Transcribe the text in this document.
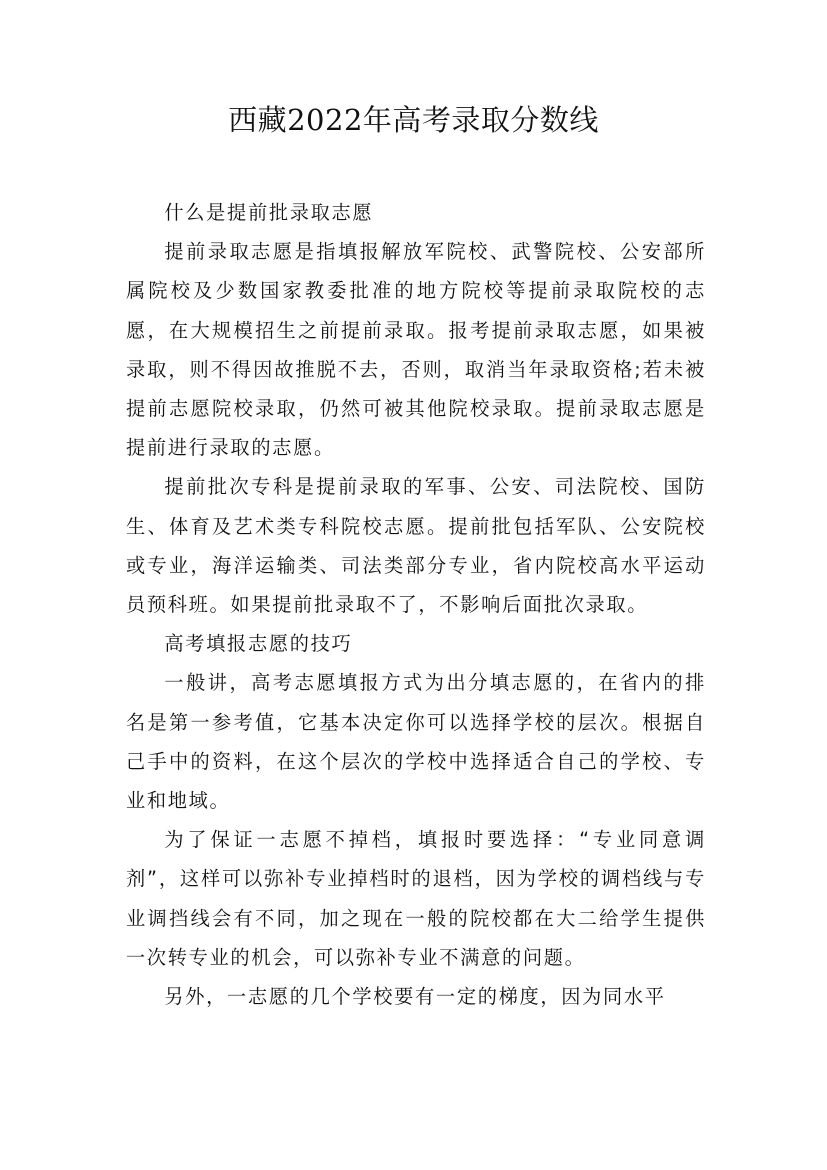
西藏2022年高考录取分数线

什么是提前批录取志愿

提前录取志愿是指填报解放军院校、武警院校、公安部所属院校及少数国家教委批准的地方院校等提前录取院校的志愿，在大规模招生之前提前录取。报考提前录取志愿，如果被录取，则不得因故推脱不去，否则，取消当年录取资格;若未被提前志愿院校录取，仍然可被其他院校录取。提前录取志愿是提前进行录取的志愿。

提前批次专科是提前录取的军事、公安、司法院校、国防生、体育及艺术类专科院校志愿。提前批包括军队、公安院校或专业，海洋运输类、司法类部分专业，省内院校高水平运动员预科班。如果提前批录取不了，不影响后面批次录取。

高考填报志愿的技巧

一般讲，高考志愿填报方式为出分填志愿的，在省内的排名是第一参考值，它基本决定你可以选择学校的层次。根据自己手中的资料，在这个层次的学校中选择适合自己的学校、专业和地域。

为了保证一志愿不掉档，填报时要选择：“专业同意调剂”，这样可以弥补专业掉档时的退档，因为学校的调档线与专业调挡线会有不同，加之现在一般的院校都在大二给学生提供一次转专业的机会，可以弥补专业不满意的问题。

另外，一志愿的几个学校要有一定的梯度，因为同水平
